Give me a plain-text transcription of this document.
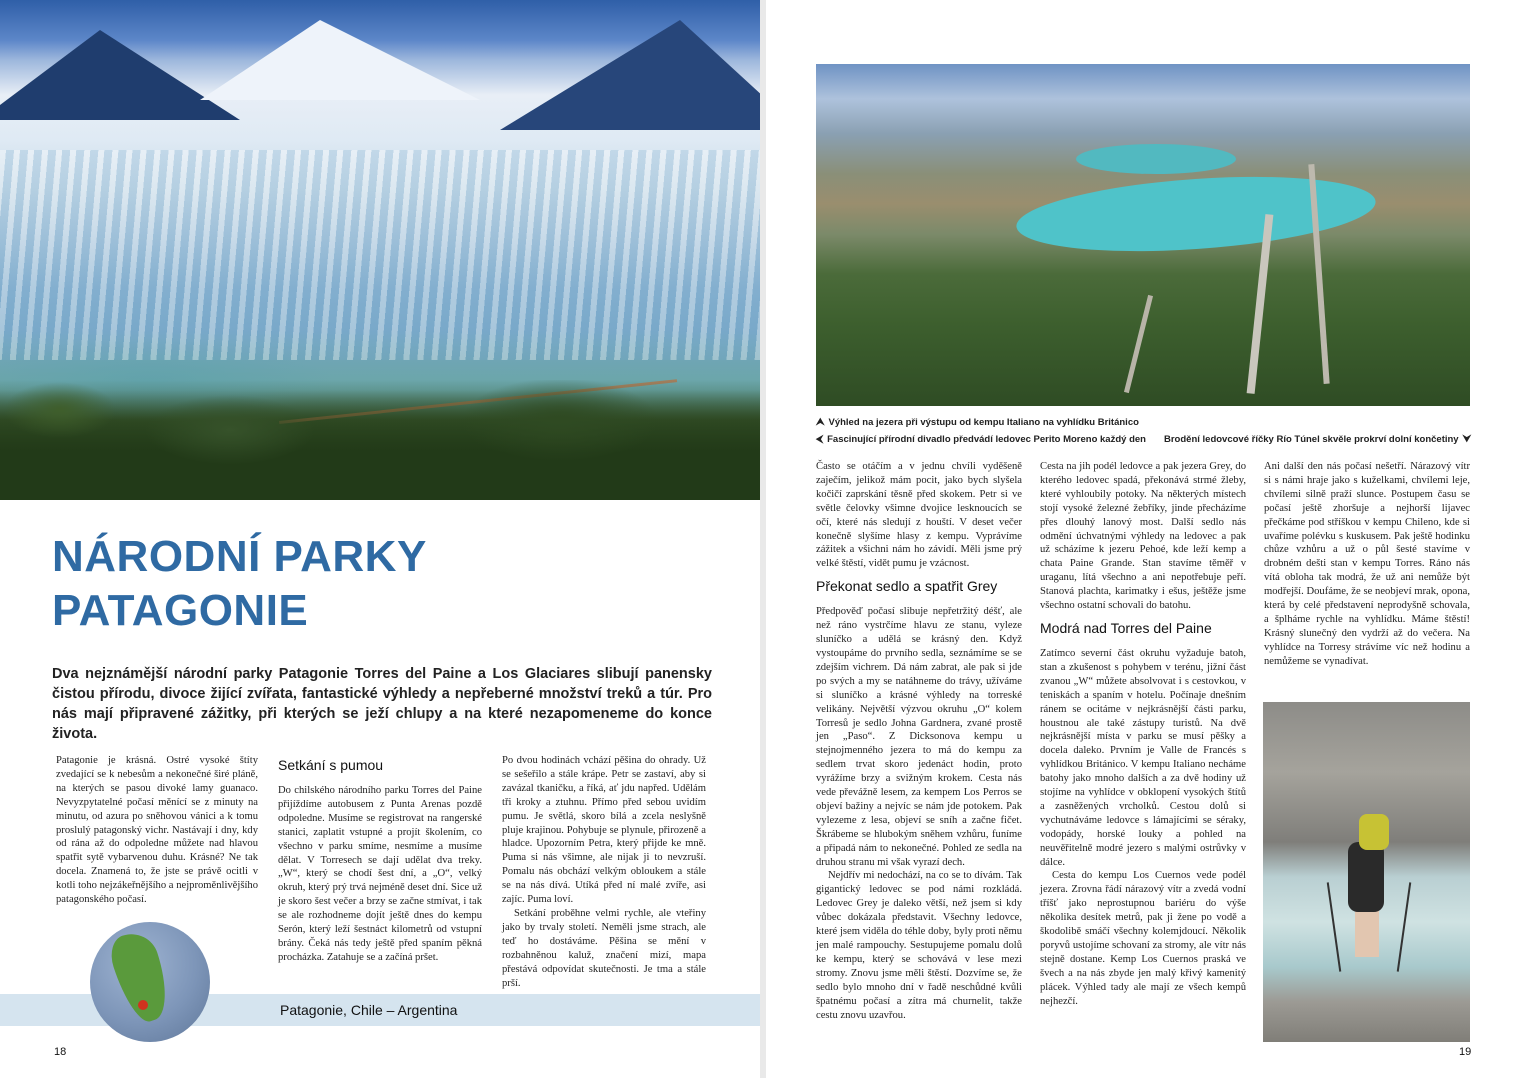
NÁRODNÍ PARKY
PATAGONIE

Dva nejznámější národní parky Patagonie Torres del Paine a Los Glaciares slibují panensky čistou přírodu, divoce žijící zvířata, fantastické výhledy a nepřeberné množství treků a túr. Pro nás mají připravené zážitky, při kterých se ježí chlupy a na které nezapomeneme do konce života.

Patagonie je krásná. Ostré vysoké štíty zvedající se k nebesům a nekonečné širé pláně, na kterých se pasou divoké lamy guanaco. Nevyzpytatelné počasí měnící se z minuty na minutu, od azura po sněhovou vánici a k tomu proslulý patagonský vichr. Nastávají i dny, kdy od rána až do odpoledne můžete nad hlavou spatřit sytě vybarvenou duhu. Krásné? Ne tak docela. Znamená to, že jste se právě ocitli v kotli toho nejzákeřnějšího a nejproměnlivějšího patagonského počasí.

Setkání s pumou

Do chilského národního parku Torres del Paine přijíždíme autobusem z Punta Arenas pozdě odpoledne. Musíme se registrovat na rangerské stanici, zaplatit vstupné a projít školením, co všechno v parku smíme, nesmíme a musíme dělat. V Torresech se dají udělat dva treky. „W“, který se chodí šest dní, a „O“, velký okruh, který prý trvá nejméně deset dní. Sice už je skoro šest večer a brzy se začne stmívat, i tak se ale rozhodneme dojít ještě dnes do kempu Serón, který leží šestnáct kilometrů od vstupní brány. Čeká nás tedy ještě před spaním pěkná procházka. Zatahuje se a začíná pršet.

Po dvou hodinách vchází pěšina do ohrady. Už se sešeřilo a stále krápe. Petr se zastaví, aby si zavázal tkaničku, a říká, ať jdu napřed. Udělám tři kroky a ztuhnu. Přímo před sebou uvidím pumu. Je světlá, skoro bílá a zcela neslyšně pluje krajinou. Pohybuje se plynule, přirozeně a hladce. Upozorním Petra, který přijde ke mně. Puma si nás všimne, ale nijak ji to nevzruší. Pomalu nás obchází velkým obloukem a stále se na nás dívá. Utíká před ní malé zvíře, asi zajíc. Puma loví.

Setkání proběhne velmi rychle, ale vteřiny jako by trvaly století. Neměli jsme strach, ale teď ho dostáváme. Pěšina se mění v rozbahněnou kaluž, značení mizí, mapa přestává odpovídat skutečnosti. Je tma a stále prší.

Patagonie, Chile – Argentina
18
⮝ Výhled na jezera při výstupu od kempu Italiano na vyhlídku Británico
⮜ Fascinující přírodní divadlo předvádí ledovec Perito Moreno každý den Brodění ledovcové říčky Río Túnel skvěle prokrví dolní končetiny ⮟

Často se otáčím a v jednu chvíli vyděšeně zaječím, jelikož mám pocit, jako bych slyšela kočičí zaprskání těsně před skokem. Petr si ve světle čelovky všimne dvojice lesknoucích se očí, které nás sledují z houští. V deset večer konečně slyšíme hlasy z kempu. Vyprávíme zážitek a všichni nám ho závidí. Měli jsme prý velké štěstí, vidět pumu je vzácnost.

Překonat sedlo a spatřit Grey

Předpověď počasí slibuje nepřetržitý déšť, ale než ráno vystrčíme hlavu ze stanu, vyleze sluníčko a udělá se krásný den. Když vystoupáme do prvního sedla, seznámíme se se zdejším vichrem. Dá nám zabrat, ale pak si jde po svých a my se natáhneme do trávy, užíváme si sluníčko a krásné výhledy na torreské velikány. Největší výzvou okruhu „O“ kolem Torresů je sedlo Johna Gardnera, zvané prostě jen „Paso“. Z Dicksonova kempu u stejnojmenného jezera to má do kempu za sedlem trvat skoro jedenáct hodin, proto vyrážíme brzy a svižným krokem. Cesta nás vede převážně lesem, za kempem Los Perros se objeví bažiny a nejvíc se nám jde potokem. Pak vylezeme z lesa, objeví se sníh a začne fičet. Škrábeme se hlubokým sněhem vzhůru, funíme a připadá nám to nekonečné. Pohled ze sedla na druhou stranu mi však vyrazí dech.

Nejdřív mi nedochází, na co se to dívám. Tak gigantický ledovec se pod námi rozkládá. Ledovec Grey je daleko větší, než jsem si kdy vůbec dokázala představit. Všechny ledovce, které jsem viděla do téhle doby, byly proti němu jen malé rampouchy. Sestupujeme pomalu dolů ke kempu, který se schovává v lese mezi stromy. Znovu jsme měli štěstí. Dozvíme se, že sedlo bylo mnoho dní v řadě neschůdné kvůli špatnému počasí a zítra má churnelit, takže cestu znovu uzavřou.

Cesta na jih podél ledovce a pak jezera Grey, do kterého ledovec spadá, překonává strmé žleby, které vyhloubily potoky. Na některých místech stojí vysoké železné žebříky, jinde přecházíme přes dlouhý lanový most. Další sedlo nás odmění úchvatnými výhledy na ledovec a pak už scházíme k jezeru Pehoé, kde leží kemp a chata Paine Grande. Stan stavíme těměř v uraganu, lítá všechno a ani nepotřebuje peří. Stanová plachta, karimatky i ešus, ještěže jsme všechno ostatní schovali do batohu.

Modrá nad Torres del Paine

Zatímco severní část okruhu vyžaduje batoh, stan a zkušenost s pohybem v terénu, jižní část zvanou „W“ můžete absolvovat i s cestovkou, v teniskách a spaním v hotelu. Počínaje dnešním ránem se ocitáme v nejkrásnější části parku, houstnou ale také zástupy turistů. Na dvě nejkrásnější místa v parku se musí pěšky a docela daleko. Prvním je Valle de Francés s vyhlídkou Británico. V kempu Italiano necháme batohy jako mnoho dalších a za dvě hodiny už stojíme na vyhlídce v obklopení vysokých štítů a zasněžených vrcholků. Cestou dolů si vychutnáváme ledovce s lámajícími se séraky, vodopády, horské louky a pohled na neuvěřitelně modré jezero s malými ostrůvky v dálce.

Cesta do kempu Los Cuernos vede podél jezera. Zrovna řádí nárazový vítr a zvedá vodní tříšť jako neprostupnou bariéru do výše několika desítek metrů, pak ji žene po vodě a škodolibě smáčí všechny kolemjdoucí. Několik poryvů ustojíme schovaní za stromy, ale vítr nás stejně dostane. Kemp Los Cuernos praská ve švech a na nás zbyde jen malý křivý kamenitý plácek. Výhled tady ale mají ze všech kempů nejhezčí.

Ani další den nás počasí nešetří. Nárazový vítr si s námi hraje jako s kuželkami, chvílemi leje, chvílemi silně praží slunce. Postupem času se počasí ještě zhoršuje a nejhorší lijavec přečkáme pod stříškou v kempu Chileno, kde si uvaříme polévku s kuskusem. Pak ještě hodinku chůze vzhůru a už o půl šesté stavíme v drobném dešti stan v kempu Torres. Ráno nás vítá obloha tak modrá, že už ani nemůže být modřejší. Doufáme, že se neobjeví mrak, opona, která by celé představení neprodyšně schovala, a šplháme rychle na vyhlídku. Máme štěstí! Krásný slunečný den vydrží až do večera. Na vyhlídce na Torresy strávíme víc než hodinu a nemůžeme se vynadívat.

19
